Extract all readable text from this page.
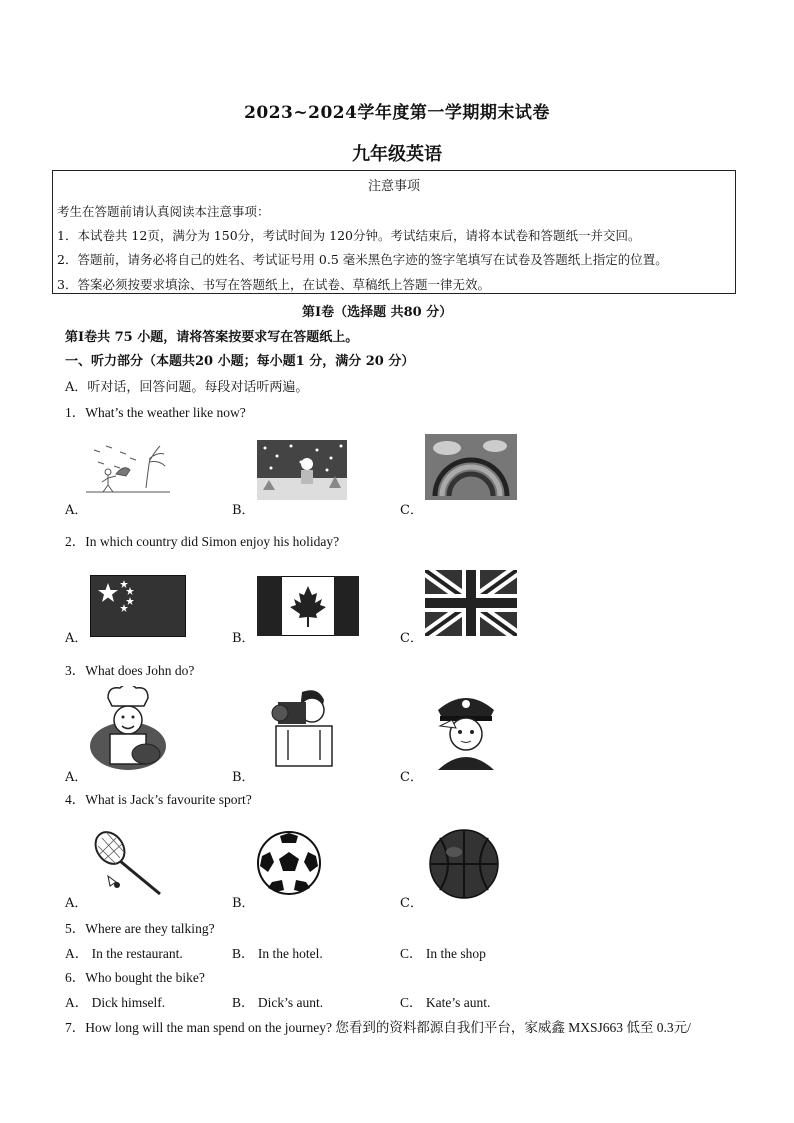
2023~2024学年度第一学期期末试卷
九年级英语
注意事项
考生在答题前请认真阅读本注意事项：
1．本试卷共 12页，满分为 150分，考试时间为 120分钟。考试结束后，请将本试卷和答题纸一并交回。
2．答题前，请务必将自己的姓名、考试证号用 0.5 毫米黑色字迹的签字笔填写在试卷及答题纸上指定的位置。
3．答案必须按要求填涂、书写在答题纸上，在试卷、草稿纸上答题一律无效。
第Ⅰ卷（选择题 共80 分）
第Ⅰ卷共 75 小题，请将答案按要求写在答题纸上。
一、听力部分（本题共20 小题；每小题1 分，满分 20 分）
A．听对话，回答问题。每段对话听两遍。
1．What’s the weather like now?
A．	B．	C．
2．In which country did Simon enjoy his holiday?
A．	B．	C．
3．What does John do?
A．	B．	C．
4．What is Jack’s favourite sport?
A．	B．	C．
5．Where are they talking?
A． In the restaurant.	B． In the hotel.	C． In the shop
6．Who bought the bike?
A． Dick himself.	B． Dick’s aunt.	C． Kate’s aunt.
7．How long will the man spend on the journey? 您看到的资料都源自我们平台，家威鑫 MXSJ663 低至 0.3元/
